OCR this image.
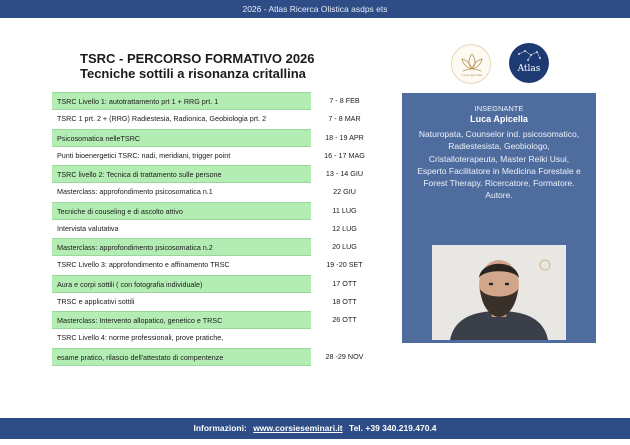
2026 - Atlas Ricerca Olistica asdps ets
TSRC - PERCORSO FORMATIVO 2026
Tecniche sottili a risonanza critallina	Luca Apicella
Atlas
TSRC Livello 1: autotrattamento prt 1 + RRG prt. 1	7 - 8 FEB
TSRC 1 prt. 2 + (RRG) Radiestesia, Radionica, Geobiologia prt. 2	7 - 8 MAR
Psicosomatica nelleTSRC	18 - 19 APR
Punti bioenergetici TSRC: nadi, meridiani, trigger point	16 - 17 MAG
TSRC livello 2: Tecnica di trattamento sulle persone	13 - 14 GIU
Masterclass: approfondimento psicosomatica n.1	22 GIU
Tecniche di couseling e di ascolto attivo	11 LUG
Intervista valutativa	12 LUG
Masterclass: approfondimento psicosomatica n.2	20 LUG
TSRC Livello 3: approfondimento e affinamento TRSC	19 -20 SET
Aura e corpi sottili ( con fotografia individuale)	17 OTT
TRSC e applicativi sottili	18 OTT
Masterclass: Intervento allopatico, genetico e TRSC	26 OTT
TSRC Livello 4: norme professionali, prove pratiche,
esame pratico, rilascio dell'attestato di compentenze	28 -29 NOV
INSEGNANTE
Luca Apicella
Naturopata, Counselor ind. psicosomatico, Radiestesista, Geobiologo, Cristalloterapeuta, Master Reiki Usui, Esperto Facilitatore in Medicina Forestale e Forest Therapy. Ricercatore, Formatore. Autore.
Informazioni: www.corsieseminari.it Tel. +39 340.219.470.4
